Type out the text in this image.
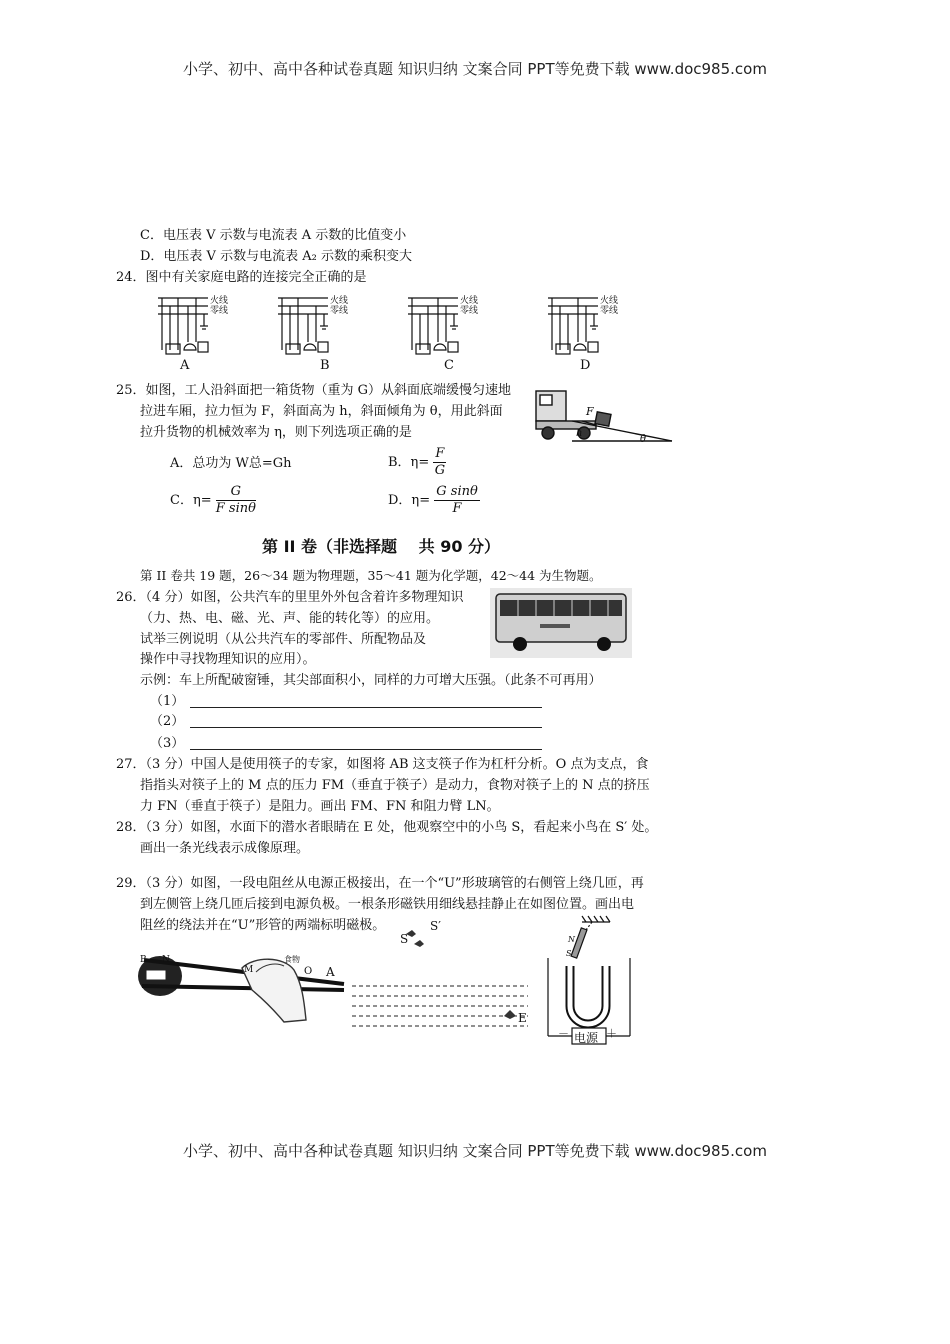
小学、初中、高中各种试卷真题 知识归纳 文案合同 PPT等免费下载 www.doc985.com
小学、初中、高中各种试卷真题 知识归纳 文案合同 PPT等免费下载 www.doc985.com
C．电压表 V 示数与电流表 A 示数的比值变小
D．电压表 V 示数与电流表 A₂ 示数的乘积变大
24．图中有关家庭电路的连接完全正确的是
火线
零线
火线
零线
火线
零线
火线
零线
A	B	C	D
25．如图，工人沿斜面把一箱货物（重为 G）从斜面底端缓慢匀速地
拉进车厢，拉力恒为 F，斜面高为 h，斜面倾角为 θ，用此斜面
拉升货物的机械效率为 η，则下列选项正确的是
F
h
θ
A．总功为 W总=Gh	B．$\eta= \frac{F}{G}$
C．$\eta= \frac{G}{\text{F sinθ}}$	D．$\eta= \frac{\text{G sinθ}}{F}$
第 II 卷（非选择题　 共 90 分）
第 II 卷共 19 题，26～34 题为物理题，35～41 题为化学题，42～44 为生物题。
26．（4 分）如图，公共汽车的里里外外包含着许多物理知识
（力、热、电、磁、光、声、能的转化等）的应用。
试举三例说明（从公共汽车的零部件、所配物品及
操作中寻找物理知识的应用）。
示例：车上所配破窗锤，其尖部面积小，同样的力可增大压强。（此条不可再用）
（1）
（2）
（3）
27．（3 分）中国人是使用筷子的专家，如图将 AB 这支筷子作为杠杆分析。O 点为支点，食
指指头对筷子上的 M 点的压力 FM（垂直于筷子）是动力，食物对筷子上的 N 点的挤压
力 FN（垂直于筷子）是阻力。画出 FM、FN 和阻力臂 LN。
28．（3 分）如图，水面下的潜水者眼睛在 E 处，他观察空中的小鸟 S，看起来小鸟在 S′ 处。
画出一条光线表示成像原理。
29．（3 分）如图，一段电阻丝从电源正极接出，在一个“U”形玻璃管的右侧管上绕几匝，再
到左侧管上绕几匝后接到电源负极。一根条形磁铁用细线悬挂静止在如图位置。画出电
阻丝的绕法并在“U”形管的两端标明磁极。
B N
M	O A
食物
S′
S
E
N
S
电源
－	＋
